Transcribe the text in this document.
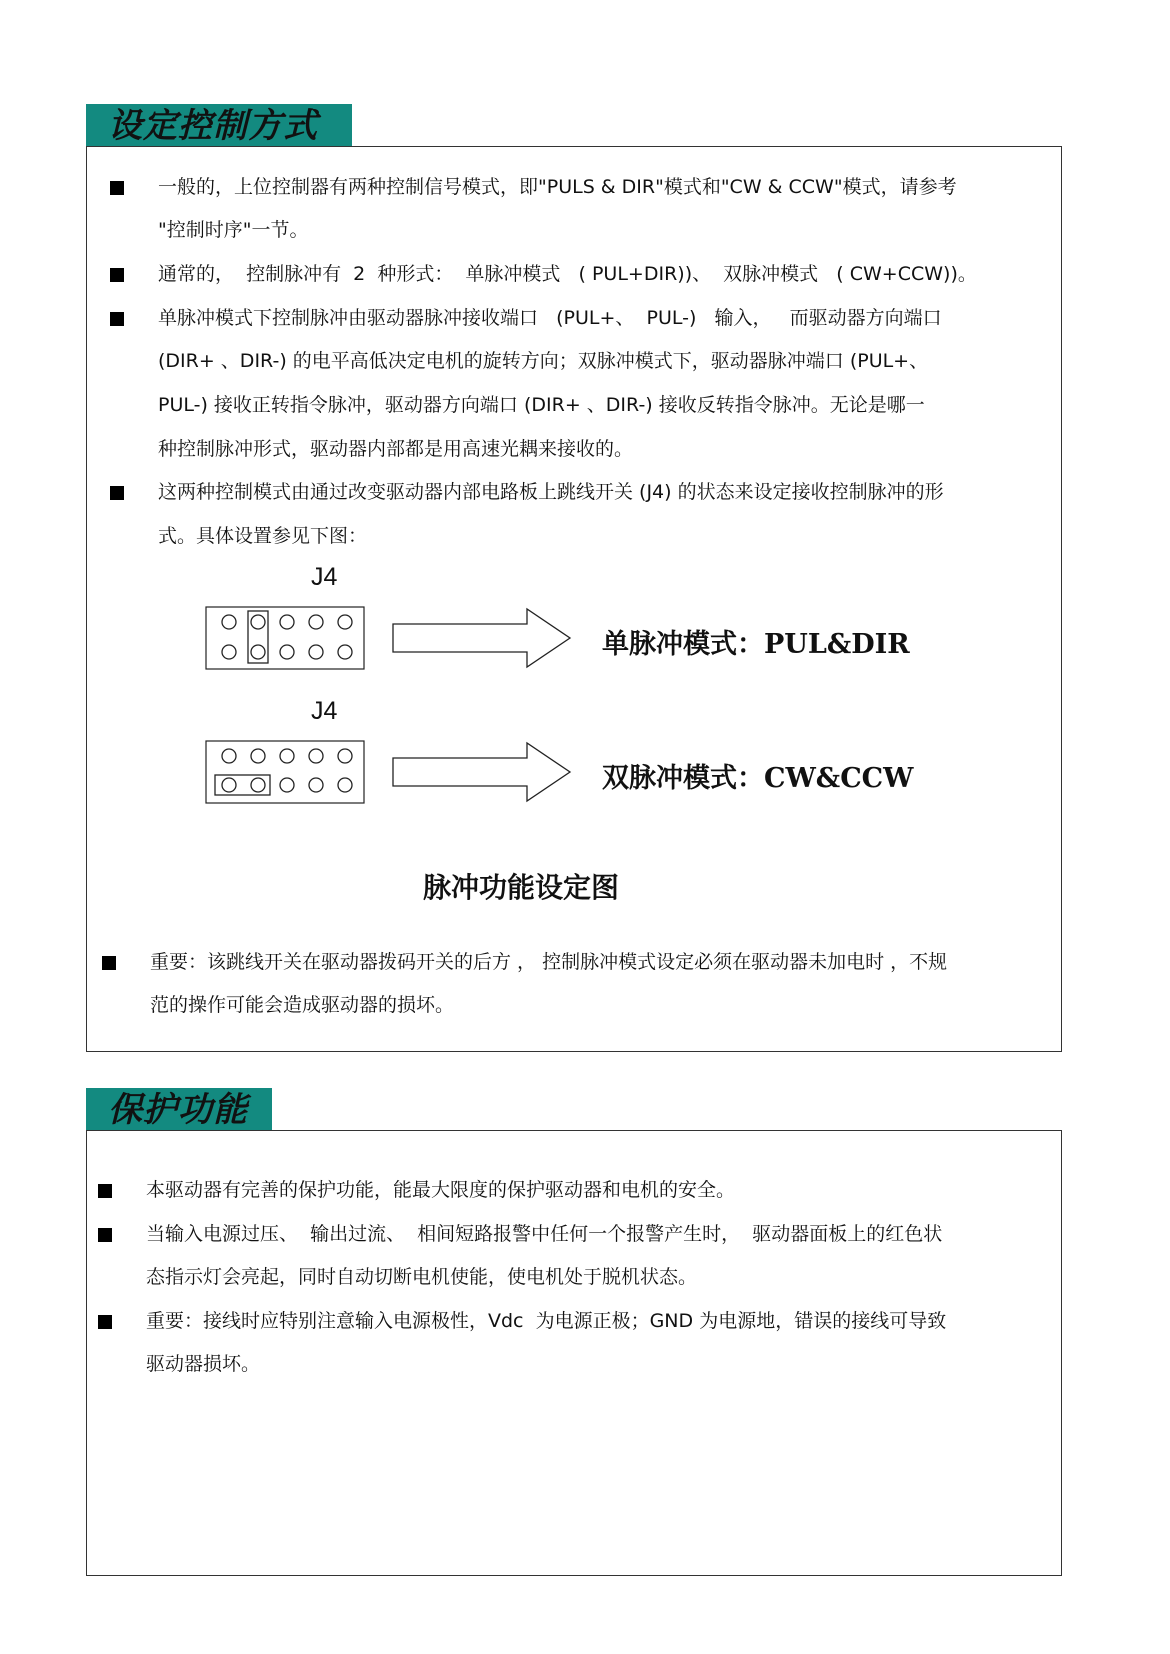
设定控制方式
一般的，上位控制器有两种控制信号模式，即"PULS & DIR"模式和"CW & CCW"模式，请参考
"控制时序"一节。
通常的，  控制脉冲有  2  种形式：  单脉冲模式   ( PUL+DIR))、  双脉冲模式   ( CW+CCW))。
单脉冲模式下控制脉冲由驱动器脉冲接收端口   (PUL+、  PUL-)   输入，   而驱动器方向端口
(DIR+ 、DIR-) 的电平高低决定电机的旋转方向；双脉冲模式下，驱动器脉冲端口 (PUL+、
PUL-) 接收正转指令脉冲，驱动器方向端口 (DIR+ 、DIR-) 接收反转指令脉冲。无论是哪一
种控制脉冲形式，驱动器内部都是用高速光耦来接收的。
这两种控制模式由通过改变驱动器内部电路板上跳线开关 (J4) 的状态来设定接收控制脉冲的形
式。具体设置参见下图：
J4
单脉冲模式：PUL&DIR
J4
双脉冲模式：CW&CCW
脉冲功能设定图
重要：该跳线开关在驱动器拨码开关的后方 ， 控制脉冲模式设定必须在驱动器未加电时 ，不规
范的操作可能会造成驱动器的损坏。
保护功能
本驱动器有完善的保护功能，能最大限度的保护驱动器和电机的安全。
当输入电源过压、  输出过流、  相间短路报警中任何一个报警产生时，  驱动器面板上的红色状
态指示灯会亮起，同时自动切断电机使能，使电机处于脱机状态。
重要：接线时应特别注意输入电源极性，Vdc  为电源正极；GND 为电源地，错误的接线可导致
驱动器损坏。
